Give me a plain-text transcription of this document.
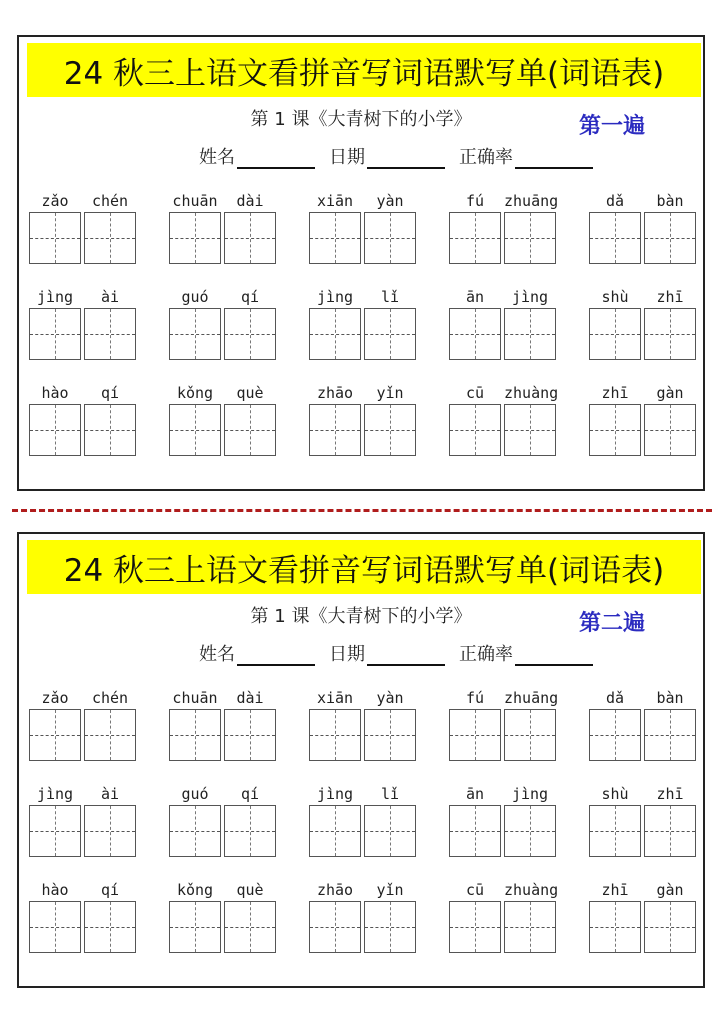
24 秋三上语文看拼音写词语默写单(词语表)
第 1 课《大青树下的小学》	第一遍
姓名	日期	正确率
zǎo	chén	chuān	dài	xiān	yàn	fú	zhuāng	dǎ	bàn
jìng	ài	guó	qí	jìng	lǐ	ān	jìng	shù	zhī
hào	qí	kǒng	què	zhāo	yǐn	cū	zhuàng	zhī	gàn
24 秋三上语文看拼音写词语默写单(词语表)
第 1 课《大青树下的小学》	第二遍
姓名	日期	正确率
zǎo	chén	chuān	dài	xiān	yàn	fú	zhuāng	dǎ	bàn
jìng	ài	guó	qí	jìng	lǐ	ān	jìng	shù	zhī
hào	qí	kǒng	què	zhāo	yǐn	cū	zhuàng	zhī	gàn
